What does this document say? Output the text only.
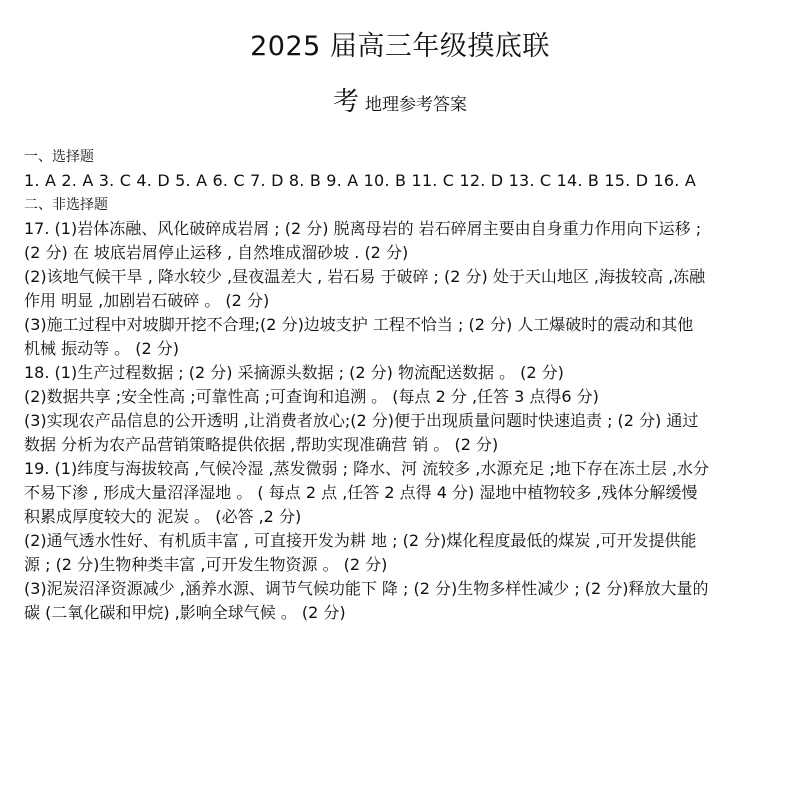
2025 届高三年级摸底联
考地理参考答案
一、选择题
1. A 2. A 3. C 4. D 5. A 6. C 7. D 8. B 9. A 10. B 11. C 12. D 13. C 14. B 15. D 16. A
二、非选择题
17. (1)岩体冻融、风化破碎成岩屑 ; (2 分) 脱离母岩的 岩石碎屑主要由自身重力作用向下运移 ;
(2 分) 在 坡底岩屑停止运移 , 自然堆成溜砂坡 . (2 分)
(2)该地气候干旱 , 降水较少 ,昼夜温差大 , 岩石易 于破碎 ; (2 分) 处于天山地区 ,海拔较高 ,冻融
作用 明显 ,加剧岩石破碎 。 (2 分)
(3)施工过程中对坡脚开挖不合理;(2 分)边坡支护 工程不恰当 ; (2 分) 人工爆破时的震动和其他
机械 振动等 。 (2 分)
18. (1)生产过程数据 ; (2 分) 采摘源头数据 ; (2 分) 物流配送数据 。 (2 分)
(2)数据共享 ;安全性高 ;可靠性高 ;可查询和追溯 。 (每点 2 分 ,任答 3 点得6 分)
(3)实现农产品信息的公开透明 ,让消费者放心;(2 分)便于出现质量问题时快速追责 ; (2 分) 通过
数据 分析为农产品营销策略提供依据 ,帮助实现准确营 销 。 (2 分)
19. (1)纬度与海拔较高 ,气候冷湿 ,蒸发微弱 ; 降水、河 流较多 ,水源充足 ;地下存在冻土层 ,水分
不易下渗 , 形成大量沼泽湿地 。 ( 每点 2 点 ,任答 2 点得 4 分) 湿地中植物较多 ,残体分解缓慢
积累成厚度较大的 泥炭 。 (必答 ,2 分)
(2)通气透水性好、有机质丰富 , 可直接开发为耕 地 ; (2 分)煤化程度最低的煤炭 ,可开发提供能
源 ; (2 分)生物种类丰富 ,可开发生物资源 。 (2 分)
(3)泥炭沼泽资源减少 ,涵养水源、调节气候功能下 降 ; (2 分)生物多样性减少 ; (2 分)释放大量的
碳 (二氧化碳和甲烷) ,影响全球气候 。 (2 分)
